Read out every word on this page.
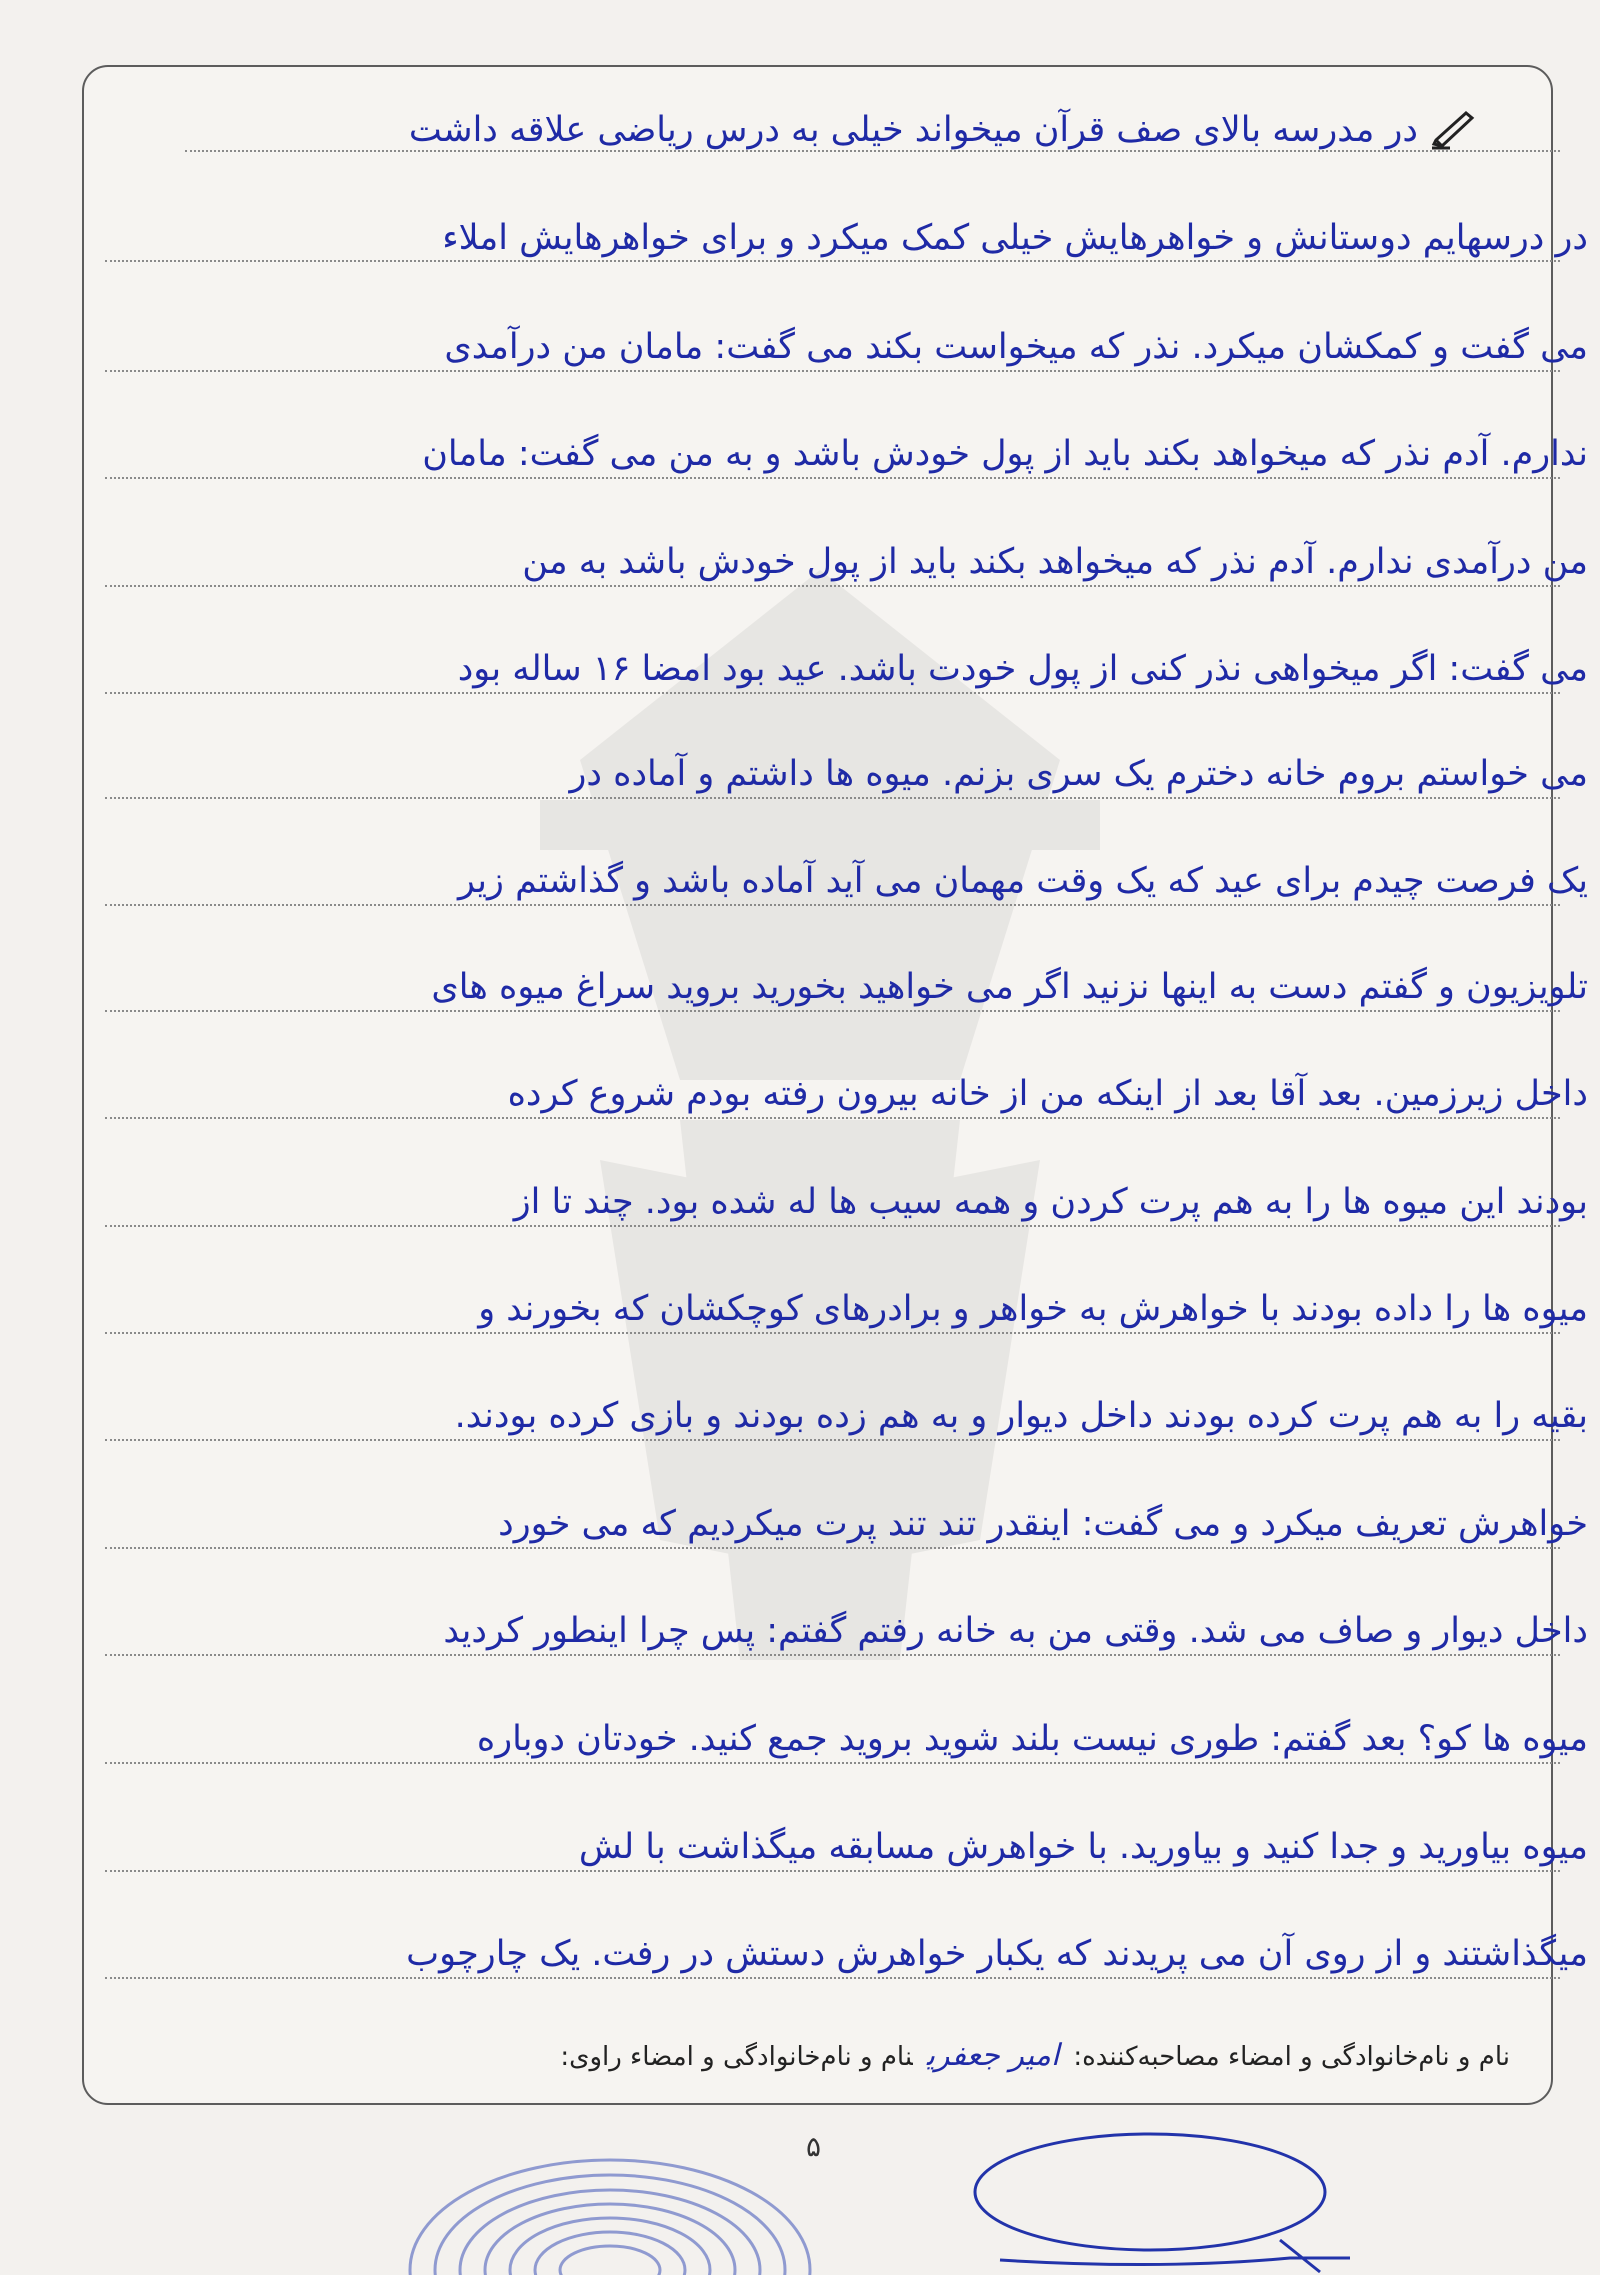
در مدرسه بالای صف قرآن میخواند خیلی به درس ریاضی علاقه داشت
در درسهایم دوستانش و خواهرهایش خیلی کمک میکرد و برای خواهرهایش املاء
می گفت و کمکشان میکرد. نذر که میخواست بکند می گفت: مامان من درآمدی
ندارم. آدم نذر که میخواهد بکند باید از پول خودش باشد و به من می گفت: مامان
من درآمدی ندارم. آدم نذر که میخواهد بکند باید از پول خودش باشد به من
می گفت: اگر میخواهی نذر کنی از پول خودت باشد. عید بود امضا ۱۶ ساله بود
می خواستم بروم خانه دخترم یک سری بزنم. میوه ها داشتم و آماده در
یک فرصت چیدم برای عید که یک وقت مهمان می آید آماده باشد و گذاشتم زیر
تلویزیون و گفتم دست به اینها نزنید اگر می خواهید بخورید بروید سراغ میوه های
داخل زیرزمین. بعد آقا بعد از اینکه من از خانه بیرون رفته بودم شروع کرده
بودند این میوه ها را به هم پرت کردن و همه سیب ها له شده بود. چند تا از
میوه ها را داده بودند با خواهرش به خواهر و برادرهای کوچکشان که بخورند و
بقیه را به هم پرت کرده بودند داخل دیوار و به هم زده بودند و بازی کرده بودند.
خواهرش تعریف میکرد و می گفت: اینقدر تند تند پرت میکردیم که می خورد
داخل دیوار و صاف می شد. وقتی من به خانه رفتم گفتم: پس چرا اینطور کردید
میوه ها کو؟ بعد گفتم: طوری نیست بلند شوید بروید جمع کنید. خودتان دوباره
میوه بیاورید و جدا کنید و بیاورید. با خواهرش مسابقه میگذاشت با لش
میگذاشتند و از روی آن می پریدند که یکبار خواهرش دستش در رفت. یک چارچوب
نام و نام‌خانوادگی و امضاء مصاحبه‌کننده:امیر جعفرینام و نام‌خانوادگی و امضاء راوی:
۵
